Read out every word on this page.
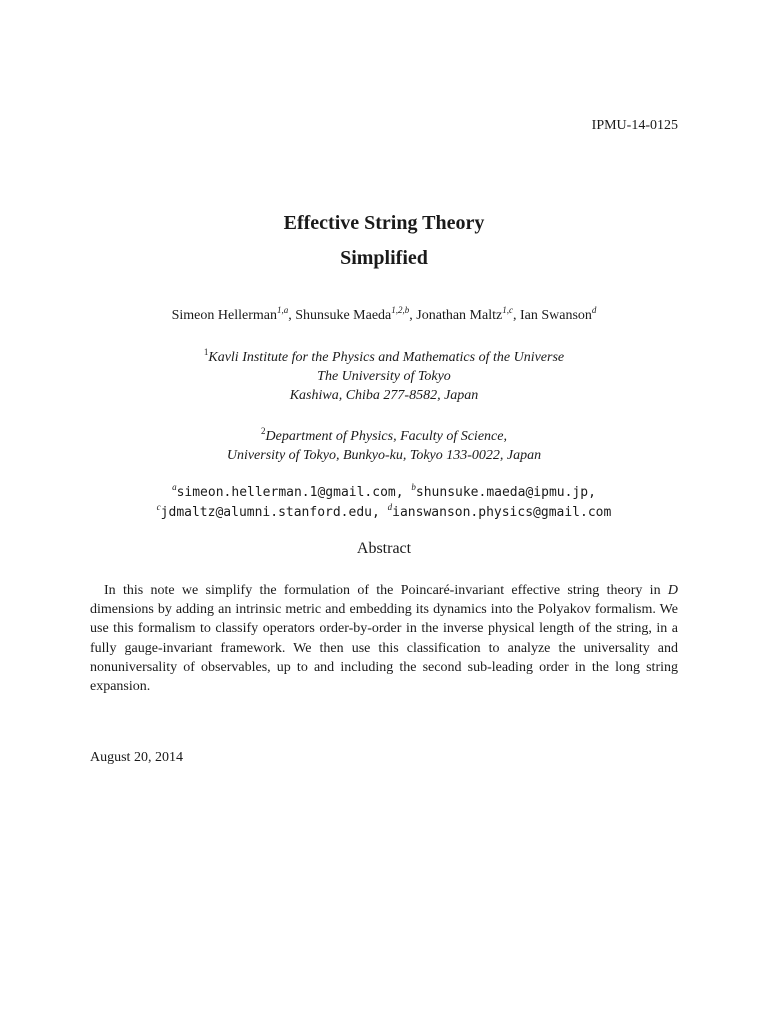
IPMU-14-0125
Effective String Theory
Simplified
Simeon Hellerman$^{1,a}$, Shunsuke Maeda$^{1,2,b}$, Jonathan Maltz$^{1,c}$, Ian Swanson$^d$
$^1$Kavli Institute for the Physics and Mathematics of the Universe
The University of Tokyo
Kashiwa, Chiba 277-8582, Japan
$^2$Department of Physics, Faculty of Science,
University of Tokyo, Bunkyo-ku, Tokyo 133-0022, Japan
$^a$simeon.hellerman.1@gmail.com, $^b$shunsuke.maeda@ipmu.jp,
$^c$jdmaltz@alumni.stanford.edu, $^d$ianswanson.physics@gmail.com
Abstract
In this note we simplify the formulation of the Poincaré-invariant effective string theory in D dimensions by adding an intrinsic metric and embedding its dynamics into the Polyakov formalism. We use this formalism to classify operators order-by-order in the inverse physical length of the string, in a fully gauge-invariant framework. We then use this classification to analyze the universality and nonuniversality of observables, up to and including the second sub-leading order in the long string expansion.
August 20, 2014
